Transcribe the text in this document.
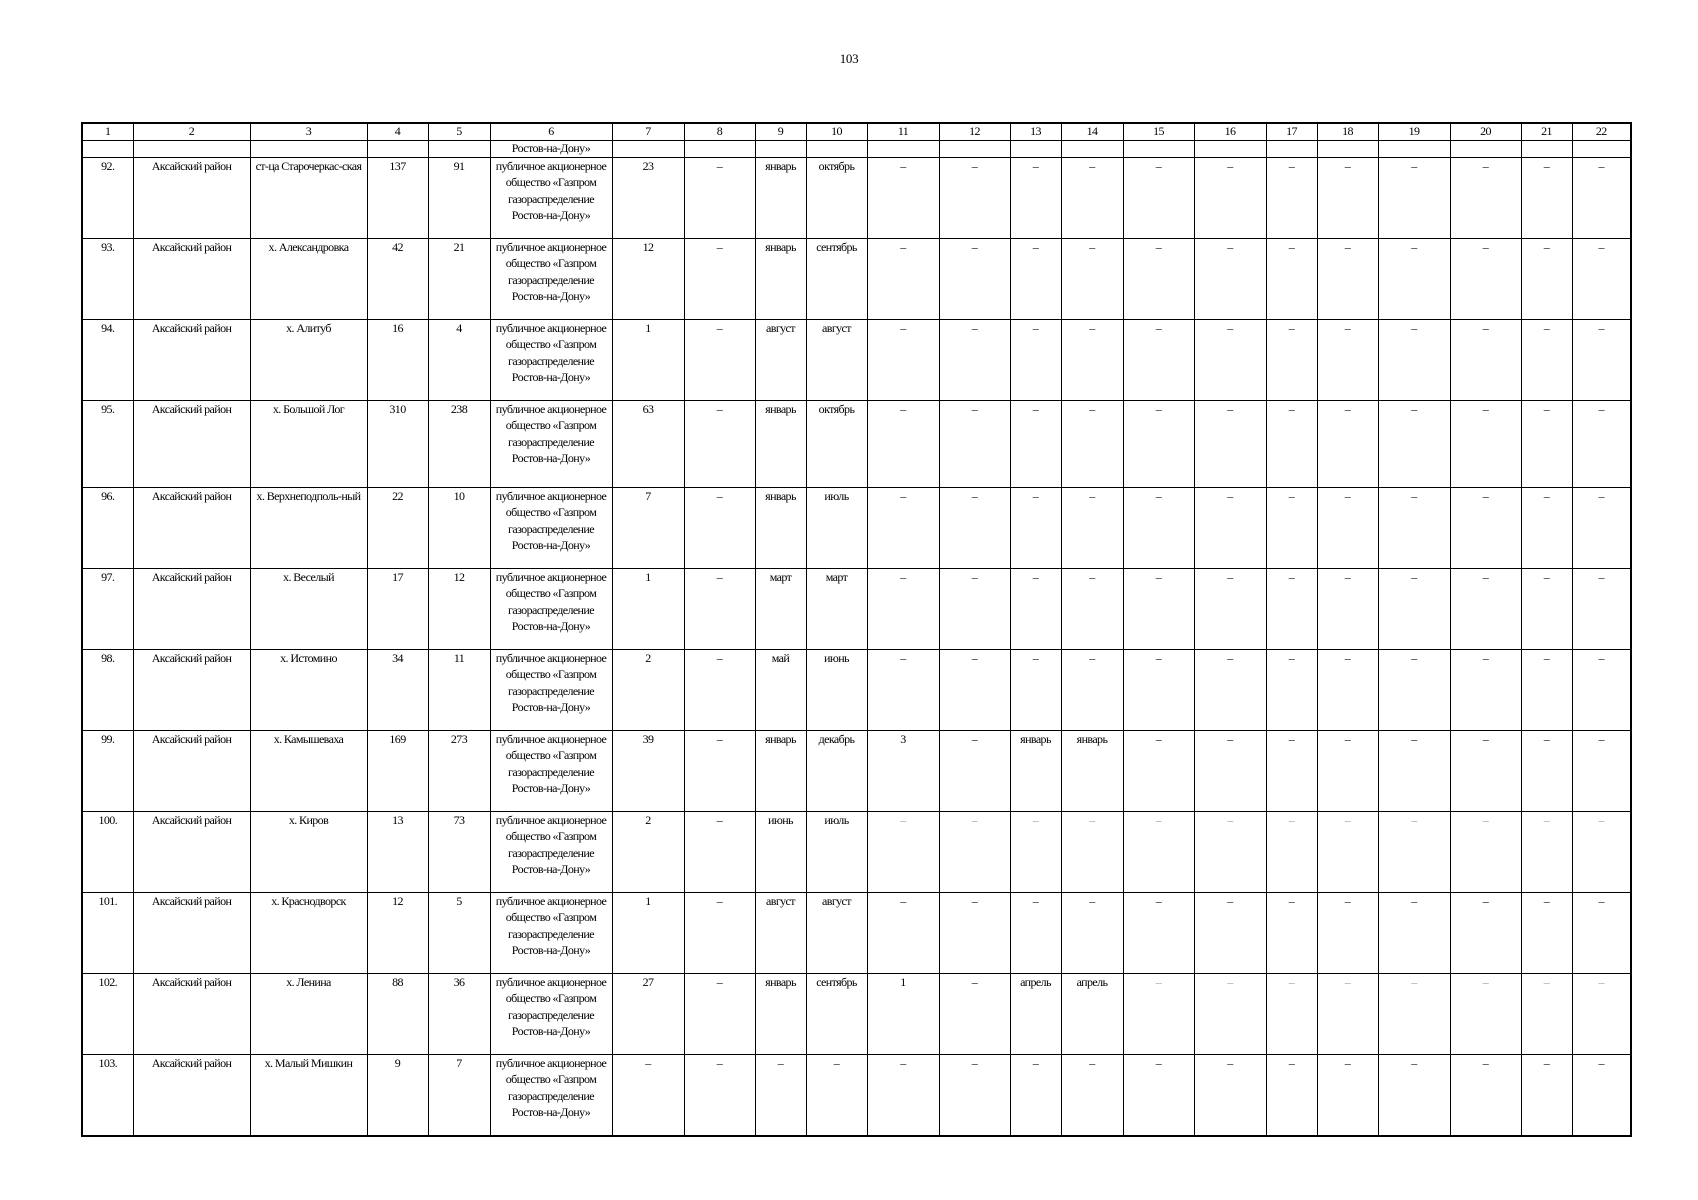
103
1	2	3	4	5	6	7	8	9	10	11	12	13	14	15	16	17	18	19	20	21	22
					Ростов-на-Дону»																
92.	Аксайский район	ст-ца Старочеркас-ская	137	91	публичное акционерное общество «Газпром газораспределение Ростов-на-Дону»	23	–	январь	октябрь	–	–	–	–	–	–	–	–	–	–	–	–
93.	Аксайский район	х. Александровка	42	21	публичное акционерное общество «Газпром газораспределение Ростов-на-Дону»	12	–	январь	сентябрь	–	–	–	–	–	–	–	–	–	–	–	–
94.	Аксайский район	х. Алитуб	16	4	публичное акционерное общество «Газпром газораспределение Ростов-на-Дону»	1	–	август	август	–	–	–	–	–	–	–	–	–	–	–	–
95.	Аксайский район	х. Большой Лог	310	238	публичное акционерное общество «Газпром газораспределение Ростов-на-Дону»	63	–	январь	октябрь	–	–	–	–	–	–	–	–	–	–	–	–
96.	Аксайский район	х. Верхнеподполь-ный	22	10	публичное акционерное общество «Газпром газораспределение Ростов-на-Дону»	7	–	январь	июль	–	–	–	–	–	–	–	–	–	–	–	–
97.	Аксайский район	х. Веселый	17	12	публичное акционерное общество «Газпром газораспределение Ростов-на-Дону»	1	–	март	март	–	–	–	–	–	–	–	–	–	–	–	–
98.	Аксайский район	х. Истомино	34	11	публичное акционерное общество «Газпром газораспределение Ростов-на-Дону»	2	–	май	июнь	–	–	–	–	–	–	–	–	–	–	–	–
99.	Аксайский район	х. Камышеваха	169	273	публичное акционерное общество «Газпром газораспределение Ростов-на-Дону»	39	–	январь	декабрь	3	–	январь	январь	–	–	–	–	–	–	–	–
100.	Аксайский район	х. Киров	13	73	публичное акционерное общество «Газпром газораспределение Ростов-на-Дону»	2	–	июнь	июль	–	–	–	–	–	–	–	–	–	–	–	–
101.	Аксайский район	х. Краснодворск	12	5	публичное акционерное общество «Газпром газораспределение Ростов-на-Дону»	1	–	август	август	–	–	–	–	–	–	–	–	–	–	–	–
102.	Аксайский район	х. Ленина	88	36	публичное акционерное общество «Газпром газораспределение Ростов-на-Дону»	27	–	январь	сентябрь	1	–	апрель	апрель	–	–	–	–	–	–	–	–
103.	Аксайский район	х. Малый Мишкин	9	7	публичное акционерное общество «Газпром газораспределение Ростов-на-Дону»	–	–	–	–	–	–	–	–	–	–	–	–	–	–	–	–
